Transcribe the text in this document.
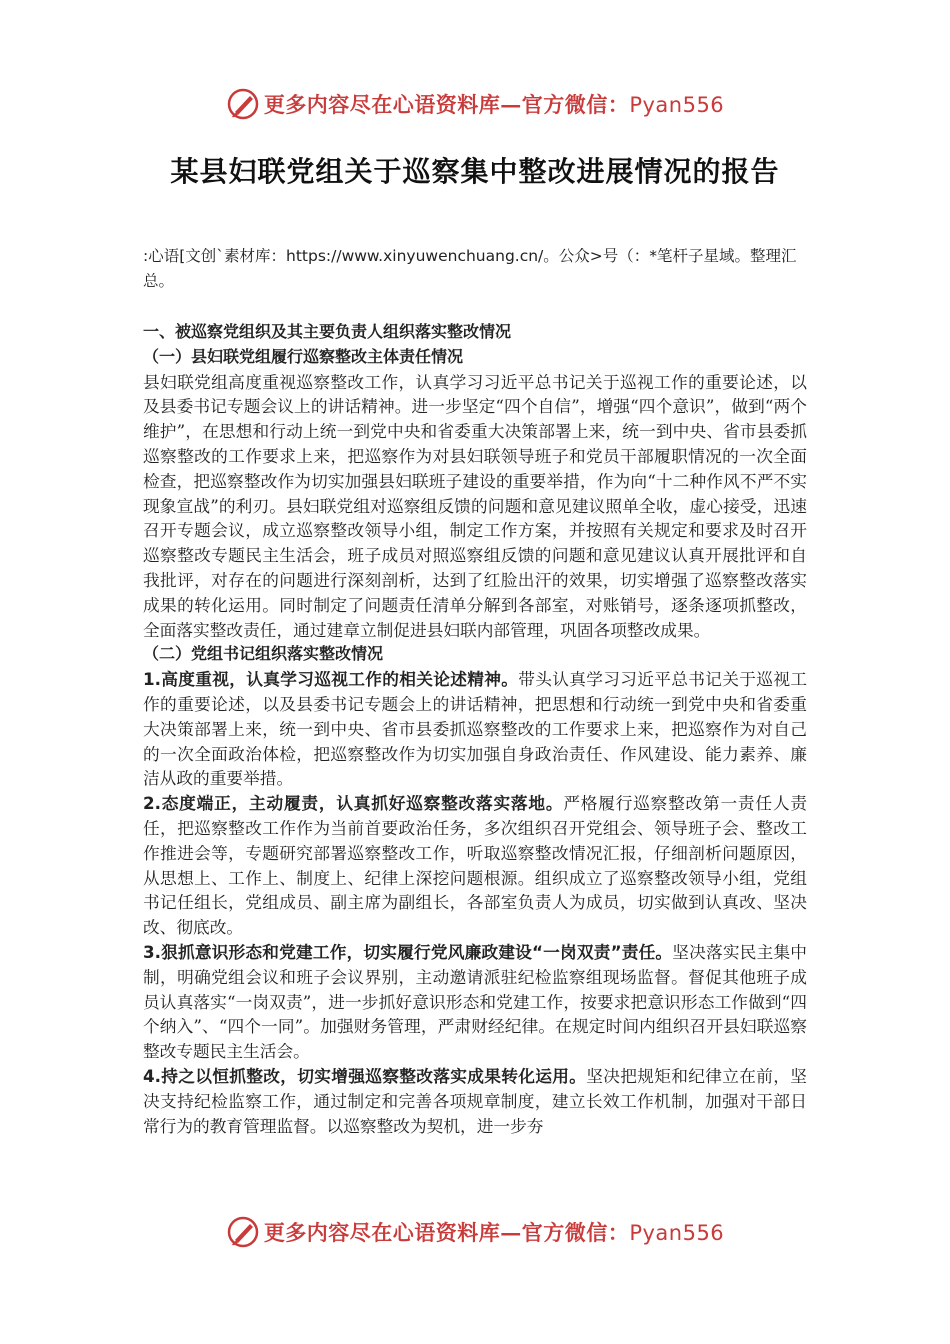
更多内容尽在心语资料库—官方微信：Pyan556
某县妇联党组关于巡察集中整改进展情况的报告
:心语[文创`素材库：https://www.xinyuwenchuang.cn/。公众>号（：*笔杆子星域。整理汇总。

一、被巡察党组织及其主要负责人组织落实整改情况

（一）县妇联党组履行巡察整改主体责任情况

县妇联党组高度重视巡察整改工作，认真学习习近平总书记关于巡视工作的重要论述，以及县委书记专题会议上的讲话精神。进一步坚定“四个自信”，增强“四个意识”，做到“两个维护”，在思想和行动上统一到党中央和省委重大决策部署上来，统一到中央、省市县委抓巡察整改的工作要求上来，把巡察作为对县妇联领导班子和党员干部履职情况的一次全面检查，把巡察整改作为切实加强县妇联班子建设的重要举措，作为向“十二种作风不严不实现象宣战”的利刃。县妇联党组对巡察组反馈的问题和意见建议照单全收，虚心接受，迅速召开专题会议，成立巡察整改领导小组，制定工作方案，并按照有关规定和要求及时召开巡察整改专题民主生活会，班子成员对照巡察组反馈的问题和意见建议认真开展批评和自我批评，对存在的问题进行深刻剖析，达到了红脸出汗的效果，切实增强了巡察整改落实成果的转化运用。同时制定了问题责任清单分解到各部室，对账销号，逐条逐项抓整改，全面落实整改责任，通过建章立制促进县妇联内部管理，巩固各项整改成果。

（二）党组书记组织落实整改情况

1.高度重视，认真学习巡视工作的相关论述精神。带头认真学习习近平总书记关于巡视工作的重要论述，以及县委书记专题会上的讲话精神，把思想和行动统一到党中央和省委重大决策部署上来，统一到中央、省市县委抓巡察整改的工作要求上来，把巡察作为对自己的一次全面政治体检，把巡察整改作为切实加强自身政治责任、作风建设、能力素养、廉洁从政的重要举措。

2.态度端正，主动履责，认真抓好巡察整改落实落地。严格履行巡察整改第一责任人责任，把巡察整改工作作为当前首要政治任务，多次组织召开党组会、领导班子会、整改工作推进会等，专题研究部署巡察整改工作，听取巡察整改情况汇报，仔细剖析问题原因，从思想上、工作上、制度上、纪律上深挖问题根源。组织成立了巡察整改领导小组，党组书记任组长，党组成员、副主席为副组长，各部室负责人为成员，切实做到认真改、坚决改、彻底改。

3.狠抓意识形态和党建工作，切实履行党风廉政建设“一岗双责”责任。坚决落实民主集中制，明确党组会议和班子会议界别，主动邀请派驻纪检监察组现场监督。督促其他班子成员认真落实“一岗双责”，进一步抓好意识形态和党建工作，按要求把意识形态工作做到“四个纳入”、“四个一同”。加强财务管理，严肃财经纪律。在规定时间内组织召开县妇联巡察整改专题民主生活会。

4.持之以恒抓整改，切实增强巡察整改落实成果转化运用。坚决把规矩和纪律立在前，坚决支持纪检监察工作，通过制定和完善各项规章制度，建立长效工作机制，加强对干部日常行为的教育管理监督。以巡察整改为契机，进一步夯

更多内容尽在心语资料库—官方微信：Pyan556
